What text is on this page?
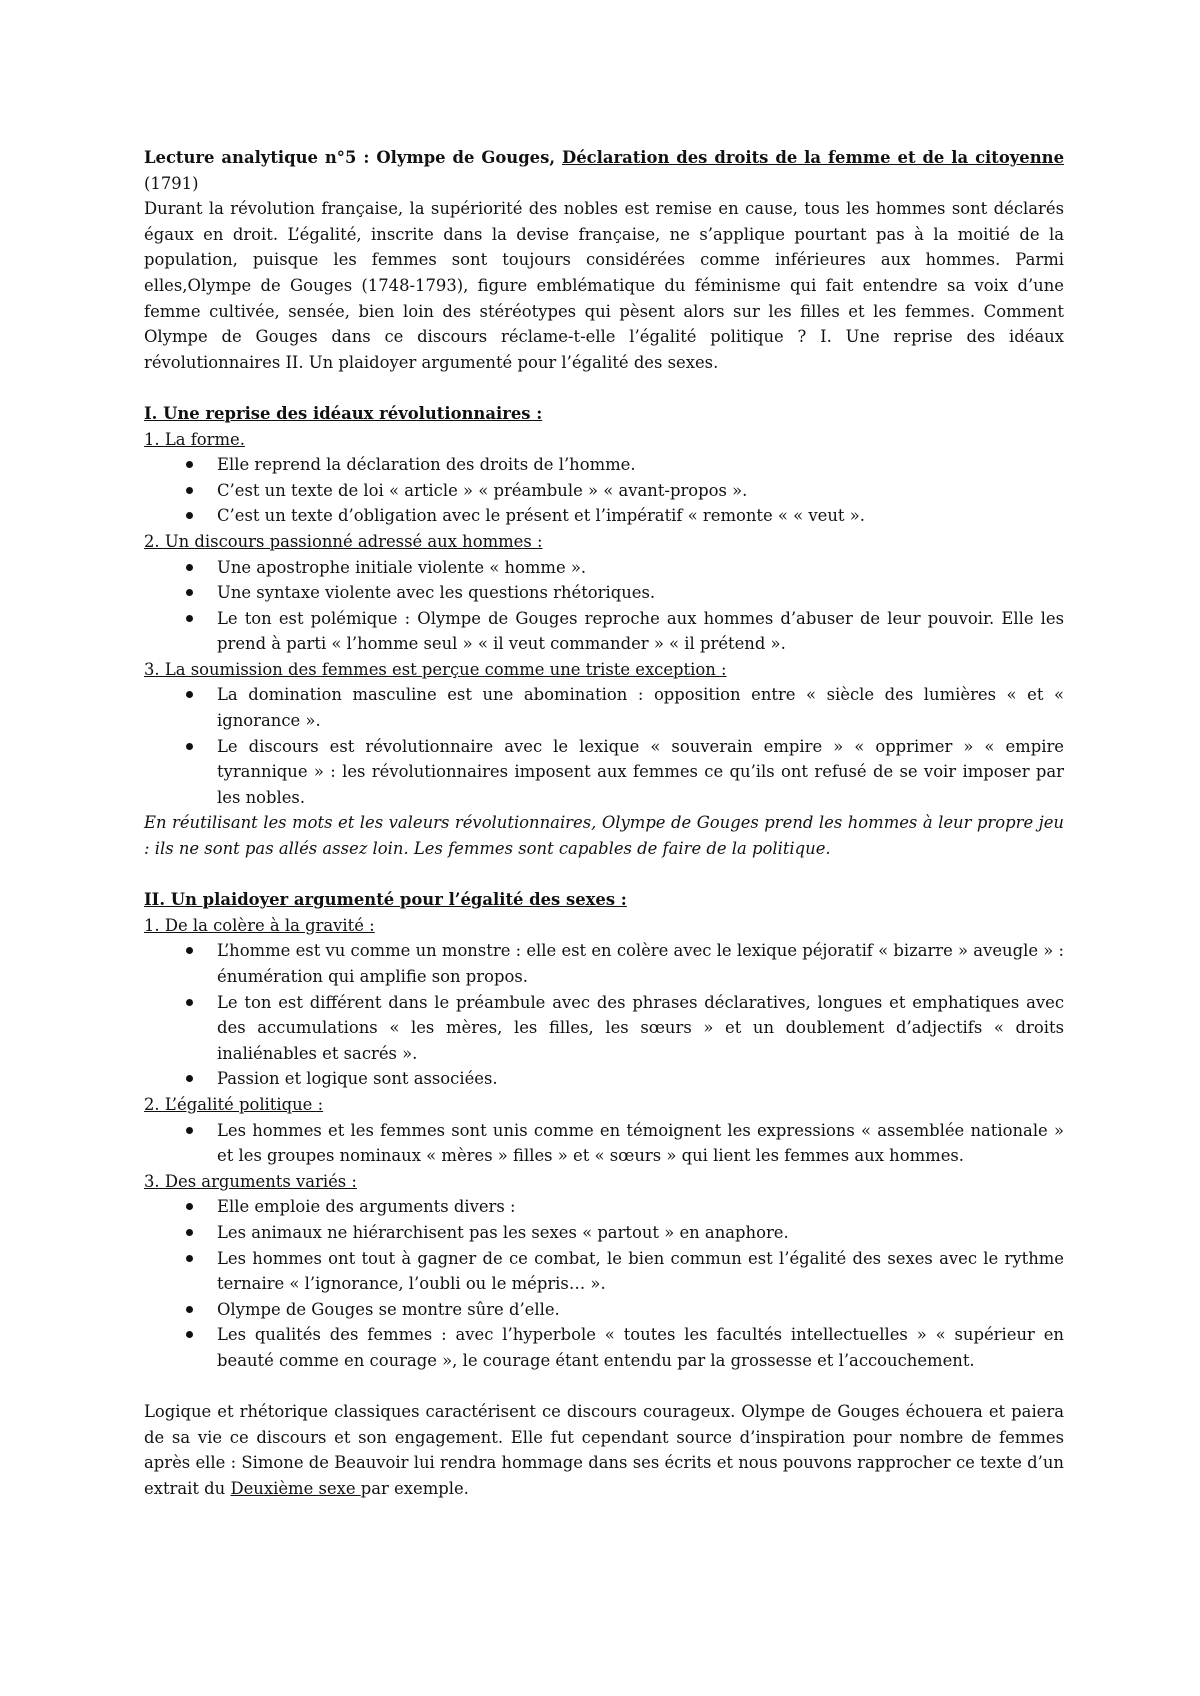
Lecture analytique n°5 : Olympe de Gouges, Déclaration des droits de la femme et de la citoyenne (1791)

Durant la révolution française, la supériorité des nobles est remise en cause, tous les hommes sont déclarés égaux en droit. L’égalité, inscrite dans la devise française, ne s’applique pourtant pas à la moitié de la population, puisque les femmes sont toujours considérées comme inférieures aux hommes. Parmi elles,Olympe de Gouges (1748-1793), figure emblématique du féminisme qui fait entendre sa voix d’une femme cultivée, sensée, bien loin des stéréotypes qui pèsent alors sur les filles et les femmes. Comment Olympe de Gouges dans ce discours réclame-t-elle l’égalité politique ? I. Une reprise des idéaux révolutionnaires II. Un plaidoyer argumenté pour l’égalité des sexes.

I. Une reprise des idéaux révolutionnaires :

1. La forme.

Elle reprend la déclaration des droits de l’homme.
C’est un texte de loi « article » « préambule » « avant-propos ».
C’est un texte d’obligation avec le présent et l’impératif « remonte « « veut ».

2. Un discours passionné adressé aux hommes :

Une apostrophe initiale violente « homme ».
Une syntaxe violente avec les questions rhétoriques.
Le ton est polémique : Olympe de Gouges reproche aux hommes d’abuser de leur pouvoir. Elle les prend à parti « l’homme seul » « il veut commander » « il prétend ».

3. La soumission des femmes est perçue comme une triste exception :

La domination masculine est une abomination : opposition entre « siècle des lumières « et « ignorance ».
Le discours est révolutionnaire avec le lexique « souverain empire » « opprimer » « empire tyrannique » : les révolutionnaires imposent aux femmes ce qu’ils ont refusé de se voir imposer par les nobles.

En réutilisant les mots et les valeurs révolutionnaires, Olympe de Gouges prend les hommes à leur propre jeu : ils ne sont pas allés assez loin. Les femmes sont capables de faire de la politique.

II. Un plaidoyer argumenté pour l’égalité des sexes :

1. De la colère à la gravité :

L’homme est vu comme un monstre : elle est en colère avec le lexique péjoratif « bizarre » aveugle » : énumération qui amplifie son propos.
Le ton est différent dans le préambule avec des phrases déclaratives, longues et emphatiques avec des accumulations « les mères, les filles, les sœurs » et un doublement d’adjectifs « droits inaliénables et sacrés ».
Passion et logique sont associées.

2. L’égalité politique :

Les hommes et les femmes sont unis comme en témoignent les expressions « assemblée nationale » et les groupes nominaux « mères » filles » et « sœurs » qui lient les femmes aux hommes.

3. Des arguments variés :

Elle emploie des arguments divers :
Les animaux ne hiérarchisent pas les sexes « partout » en anaphore.
Les hommes ont tout à gagner de ce combat, le bien commun est l’égalité des sexes avec le rythme ternaire « l’ignorance, l’oubli ou le mépris… ».
Olympe de Gouges se montre sûre d’elle.
Les qualités des femmes : avec l’hyperbole « toutes les facultés intellectuelles » « supérieur en beauté comme en courage », le courage étant entendu par la grossesse et l’accouchement.

Logique et rhétorique classiques caractérisent ce discours courageux. Olympe de Gouges échouera et paiera de sa vie ce discours et son engagement. Elle fut cependant source d’inspiration pour nombre de femmes après elle : Simone de Beauvoir lui rendra hommage dans ses écrits et nous pouvons rapprocher ce texte d’un extrait du Deuxième sexe par exemple.
